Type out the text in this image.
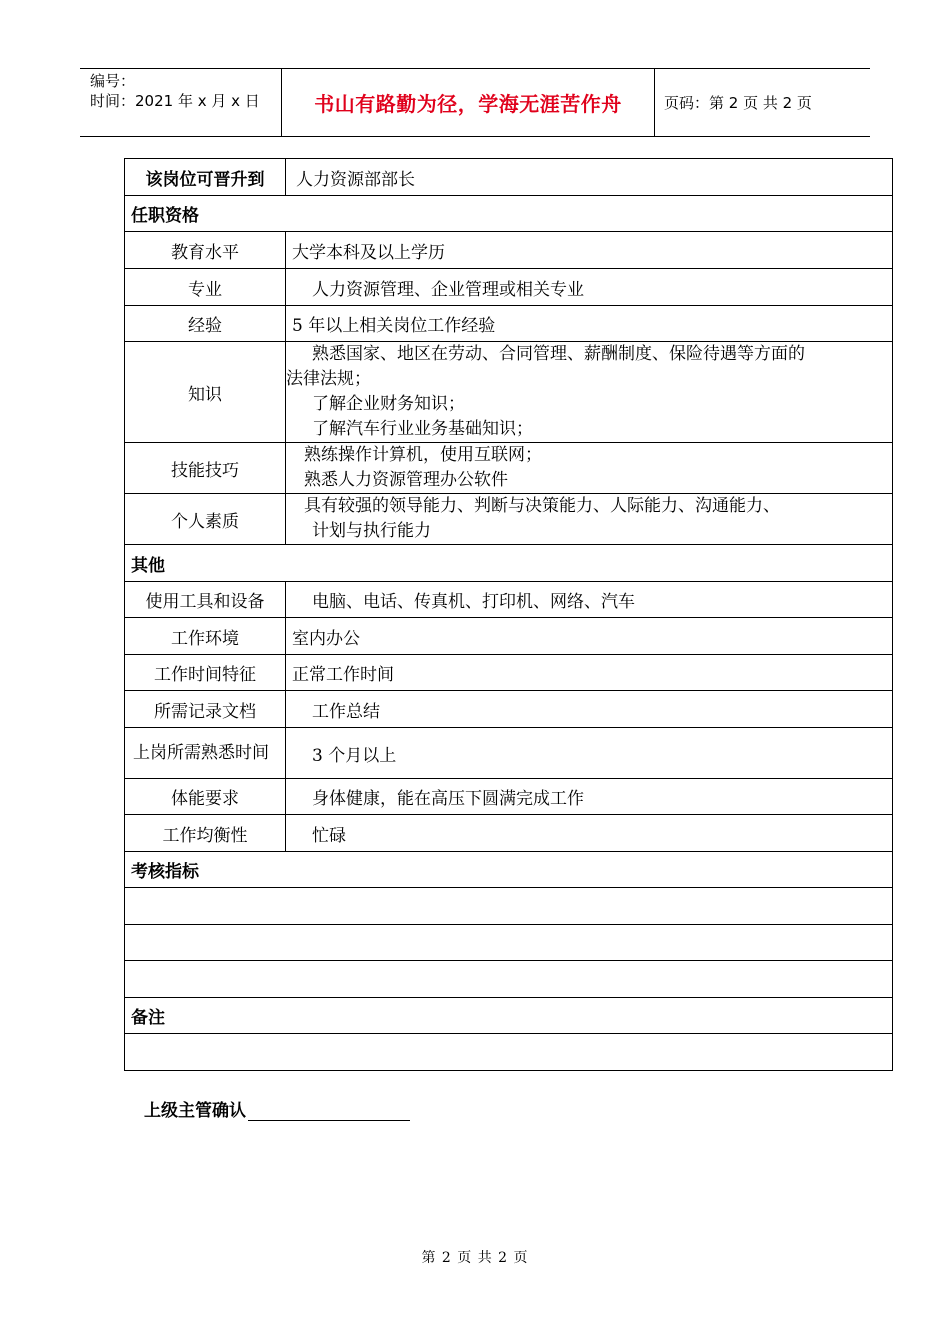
编号：
时间：2021 年 x 月 x 日	书山有路勤为径，学海无涯苦作舟	页码：第 2 页 共 2 页
该岗位可晋升到	人力资源部部长
任职资格	
教育水平	大学本科及以上学历
专业	人力资源管理、企业管理或相关专业
经验	5 年以上相关岗位工作经验
知识	熟悉国家、地区在劳动、合同管理、薪酬制度、保险待遇等方面的
法律法规；
了解企业财务知识；
了解汽车行业业务基础知识；

技能技巧	熟练操作计算机，使用互联网；
熟悉人力资源管理办公软件

个人素质	具有较强的领导能力、判断与决策能力、人际能力、沟通能力、
计划与执行能力

其他	
使用工具和设备	电脑、电话、传真机、打印机、网络、汽车
工作环境	室内办公
工作时间特征	正常工作时间
所需记录文档	工作总结
上岗所需熟悉时间	3 个月以上
体能要求	身体健康，能在高压下圆满完成工作
工作均衡性	忙碌
考核指标	

备注	

上级主管确认
第 2 页 共 2 页
